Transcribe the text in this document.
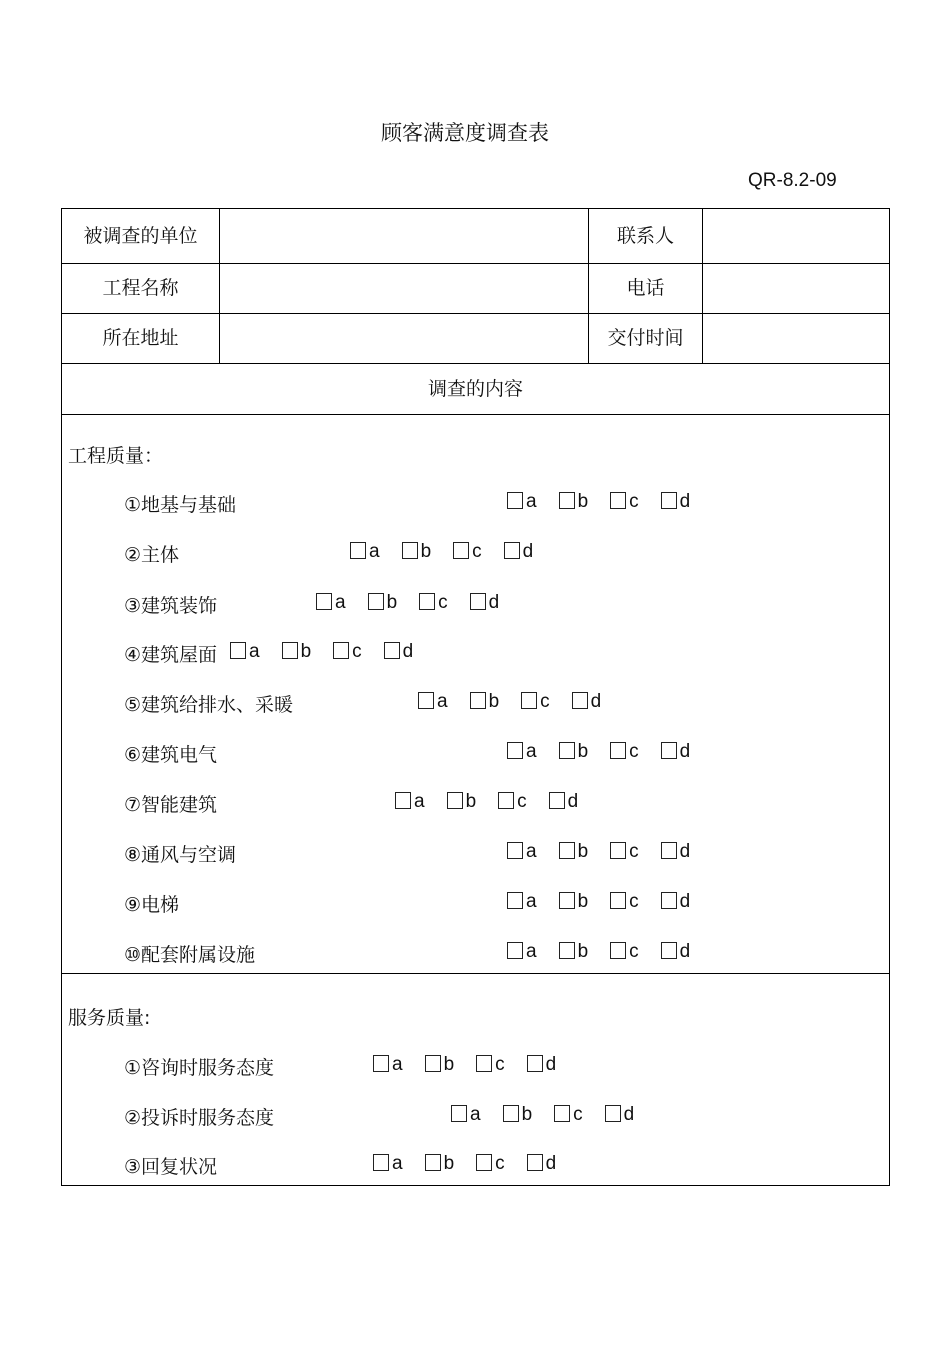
顾客满意度调查表
QR-8.2-09
被调查的单位	联系人
工程名称	电话
所在地址	交付时间
调查的内容
工程质量：
①地基与基础	a b c d
②主体	a b c d
③建筑装饰	a b c d
④建筑屋面	a b c d
⑤建筑给排水、采暖	a b c d
⑥建筑电气	a b c d
⑦智能建筑	a b c d
⑧通风与空调	a b c d
⑨电梯	a b c d
⑩配套附属设施	a b c d
服务质量:
①咨询时服务态度	a b c d
②投诉时服务态度	a b c d
③回复状况	a b c d
